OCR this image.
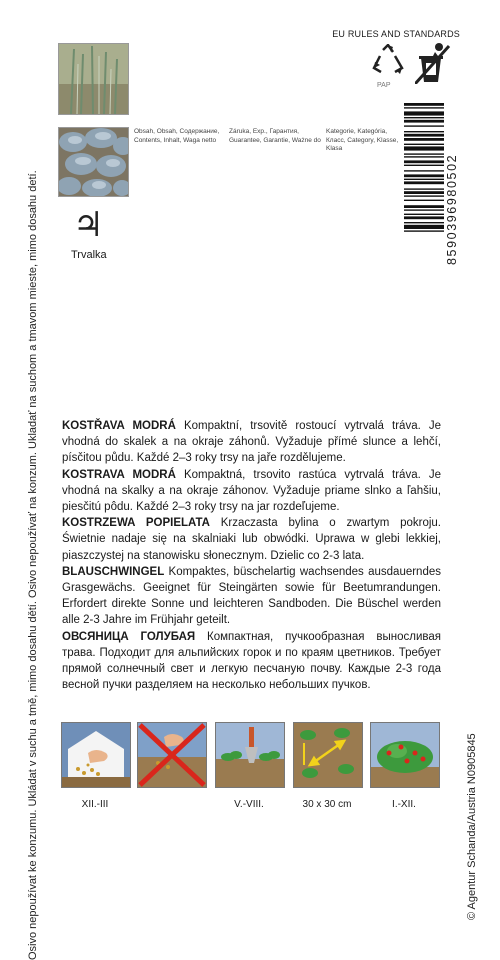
Osivo nepoužívat ke konzumu. Ukládat v suchu a tmě, mimo dosahu dětí. Osivo nepoužívať na konzum. Ukladať na suchom a tmavom mieste, mimo dosahu detí.	© Agentur Schanda/Austria N0905845
EU RULES AND STANDARDS
PAP
Obsah, Obsah, Содержание, Contents, Inhalt, Waga netto
Záruka, Exp., Гарантия, Guarantee, Garantie, Ważne do
Kategorie, Kategória, Класс, Category, Klasse, Klasa
8590396980502
♃
Trvalka

KOSTŘAVA MODRÁ Kompaktní, trsovitě rostoucí vytrvalá tráva. Je vhodná do skalek a na okraje záhonů. Vyžaduje přímé slunce a lehčí, písčitou půdu. Každé 2–3 roky trsy na jaře rozdělujeme.

KOSTRAVA MODRÁ Kompaktná, trsovito rastúca vytrvalá tráva. Je vhodná na skalky a na okraje záhonov. Vyžaduje priame slnko a ľahšiu, piesčitú pôdu. Každé 2–3 roky trsy na jar rozdeľujeme.

KOSTRZEWA POPIELATA Krzaczasta bylina o zwartym pokroju. Świetnie nadaje się na skalniaki lub obwódki. Uprawa w glebi lekkiej, piaszczystej na stanowisku słonecznym. Dzielic co 2-3 lata.

BLAUSCHWINGEL Kompaktes, büschelartig wachsendes ausdauerndes Grasgewächs. Geeignet für Steingärten sowie für Beetumrandungen. Erfordert direkte Sonne und leichteren Sandboden. Die Büschel werden alle 2-3 Jahre im Frühjahr geteilt.

ОВСЯНИЦА ГОЛУБАЯ Компактная, пучкообразная выносливая трава. Подходит для альпийских горок и по краям цветников. Требует прямой солнечный свет и легкую песчаную почву. Каждые 2-3 года весной пучки разделяем на несколько небольших пучков.

XII.-III	V.-VIII.	30 x 30 cm	I.-XII.
